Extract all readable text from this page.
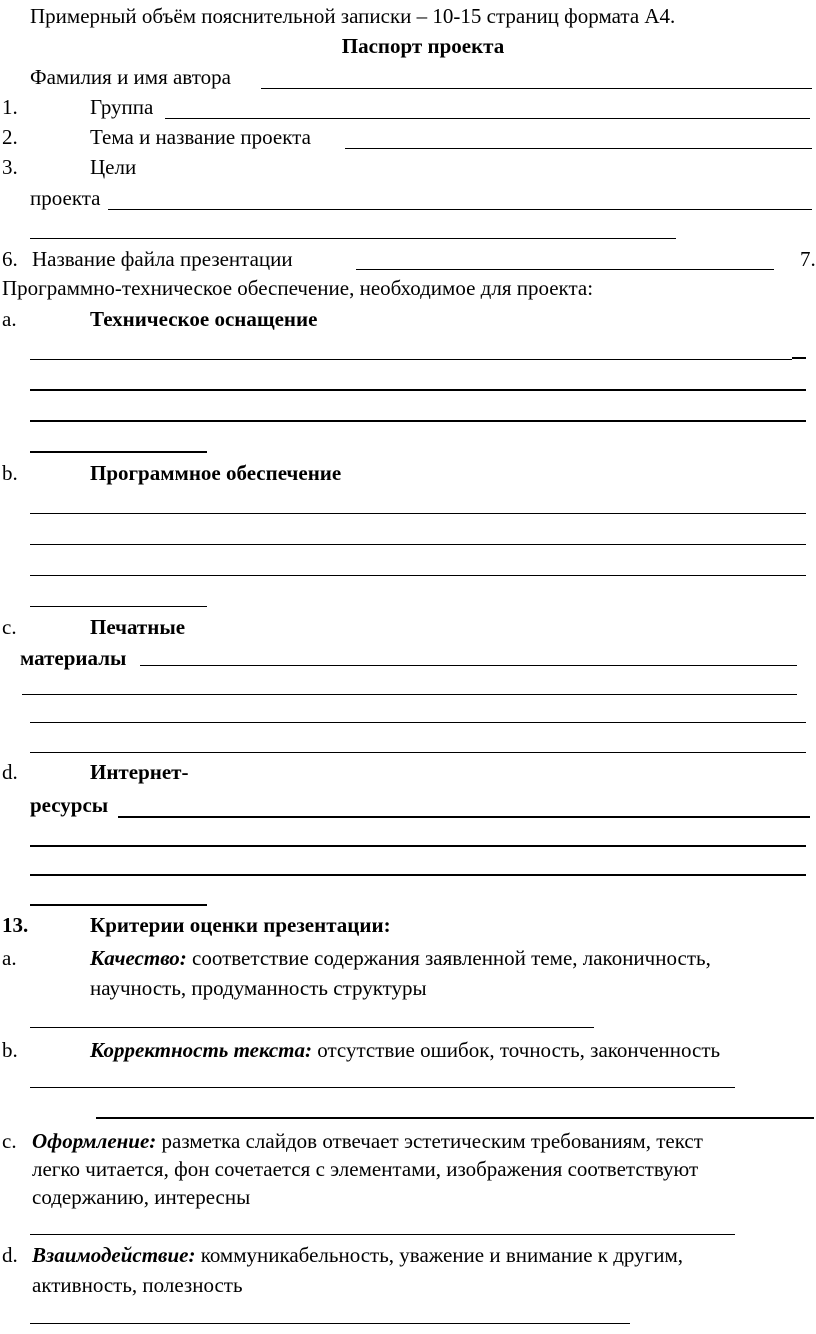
Примерный объём пояснительной записки – 10-15 страниц формата А4.
Паспорт проекта
Фамилия и имя автора
1.	Группа
2.	Тема и название проекта
3.	Цели
проекта
6. Название файла презентации	7.
Программно-техническое обеспечение, необходимое для проекта:
a.	Техническое оснащение
b.	Программное обеспечение
c.	Печатные
материалы
d.	Интернет-
ресурсы
13.	Критерии оценки презентации:
a.	Качество: соответствие содержания заявленной теме, лаконичность,
научность, продуманность структуры
b.	Корректность текста: отсутствие ошибок, точность, законченность
c. Оформление: разметка слайдов отвечает эстетическим требованиям, текст
легко читается, фон сочетается с элементами, изображения соответствуют
содержанию, интересны
d. Взаимодействие: коммуникабельность, уважение и внимание к другим,
активность, полезность
